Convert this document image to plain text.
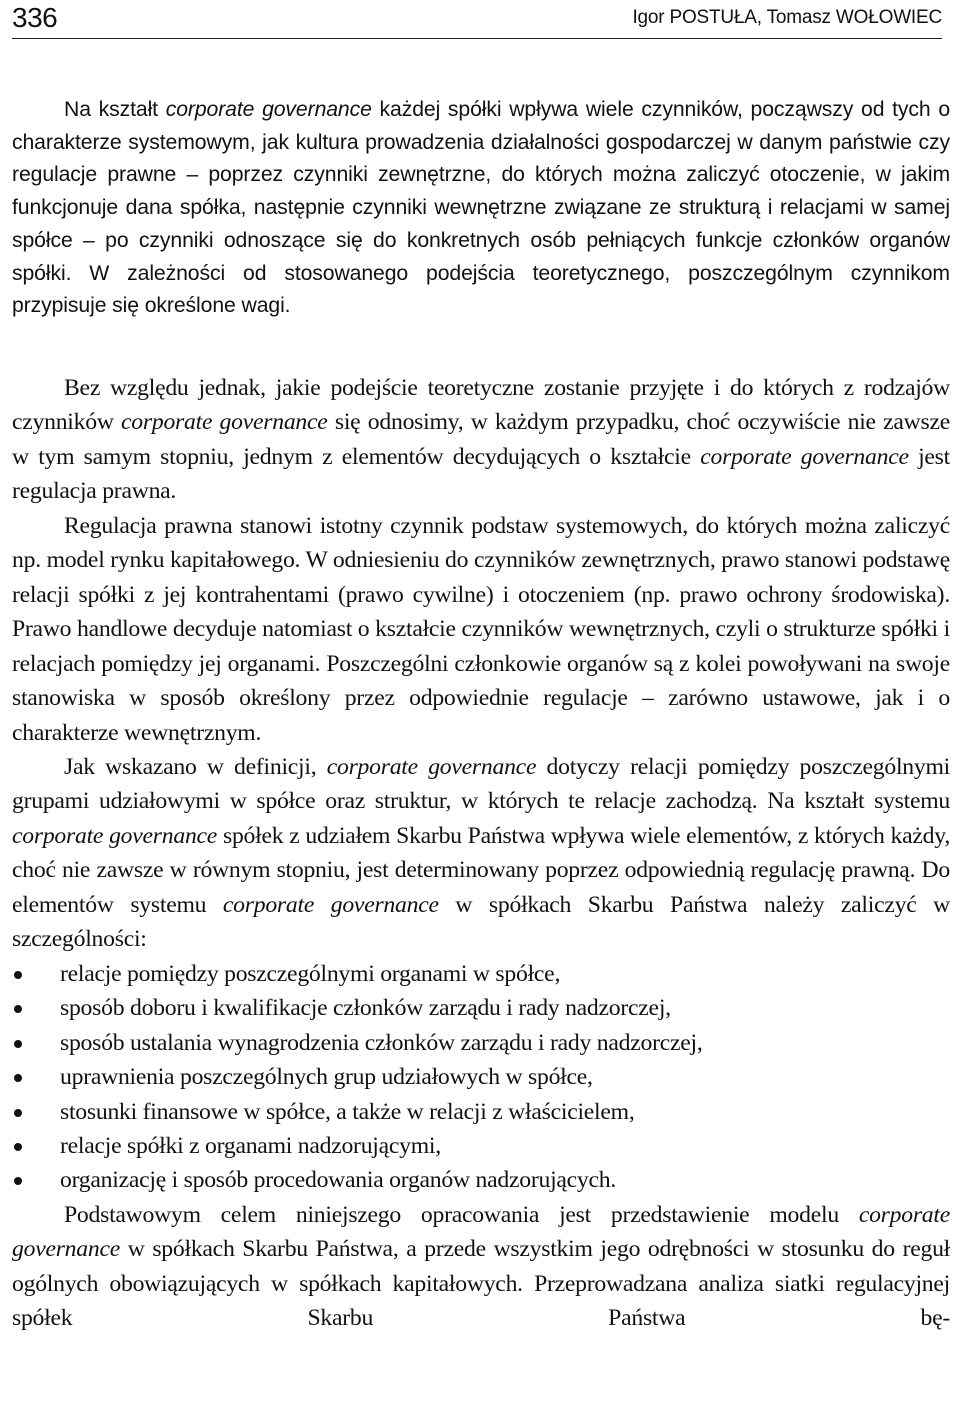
336	Igor POSTUŁA, Tomasz WOŁOWIEC

Na kształt corporate governance każdej spółki wpływa wiele czynników, począwszy od tych o charakterze systemowym, jak kultura prowadzenia działalności gospodarczej w danym państwie czy regulacje prawne – poprzez czynniki zewnętrzne, do których można zaliczyć otoczenie, w jakim funkcjonuje dana spółka, następnie czynniki wewnętrzne związane ze strukturą i relacjami w samej spółce – po czynniki odnoszące się do konkretnych osób pełniących funkcje członków organów spółki. W zależności od stosowanego podejścia teoretycznego, poszczególnym czynnikom przypisuje się określone wagi.

Bez względu jednak, jakie podejście teoretyczne zostanie przyjęte i do których z rodzajów czynników corporate governance się odnosimy, w każdym przypadku, choć oczywiście nie zawsze w tym samym stopniu, jednym z elementów decydujących o kształcie corporate governance jest regulacja prawna.

Regulacja prawna stanowi istotny czynnik podstaw systemowych, do których można zaliczyć np. model rynku kapitałowego. W odniesieniu do czynników zewnętrznych, prawo stanowi podstawę relacji spółki z jej kontrahentami (prawo cywilne) i otoczeniem (np. prawo ochrony środowiska). Prawo handlowe decyduje natomiast o kształcie czynników wewnętrznych, czyli o strukturze spółki i relacjach pomiędzy jej organami. Poszczególni członkowie organów są z kolei powoływani na swoje stanowiska w sposób określony przez odpowiednie regulacje – zarówno ustawowe, jak i o charakterze wewnętrznym.

Jak wskazano w definicji, corporate governance dotyczy relacji pomiędzy poszczególnymi grupami udziałowymi w spółce oraz struktur, w których te relacje zachodzą. Na kształt systemu corporate governance spółek z udziałem Skarbu Państwa wpływa wiele elementów, z których każdy, choć nie zawsze w równym stopniu, jest determinowany poprzez odpowiednią regulację prawną. Do elementów systemu corporate governance w spółkach Skarbu Państwa należy zaliczyć w szczególności:

relacje pomiędzy poszczególnymi organami w spółce,
sposób doboru i kwalifikacje członków zarządu i rady nadzorczej,
sposób ustalania wynagrodzenia członków zarządu i rady nadzorczej,
uprawnienia poszczególnych grup udziałowych w spółce,
stosunki finansowe w spółce, a także w relacji z właścicielem,
relacje spółki z organami nadzorującymi,
organizację i sposób procedowania organów nadzorujących.

Podstawowym celem niniejszego opracowania jest przedstawienie modelu corporate governance w spółkach Skarbu Państwa, a przede wszystkim jego odrębności w stosunku do reguł ogólnych obowiązujących w spółkach kapitałowych. Przeprowadzana analiza siatki regulacyjnej spółek Skarbu Państwa bę-
